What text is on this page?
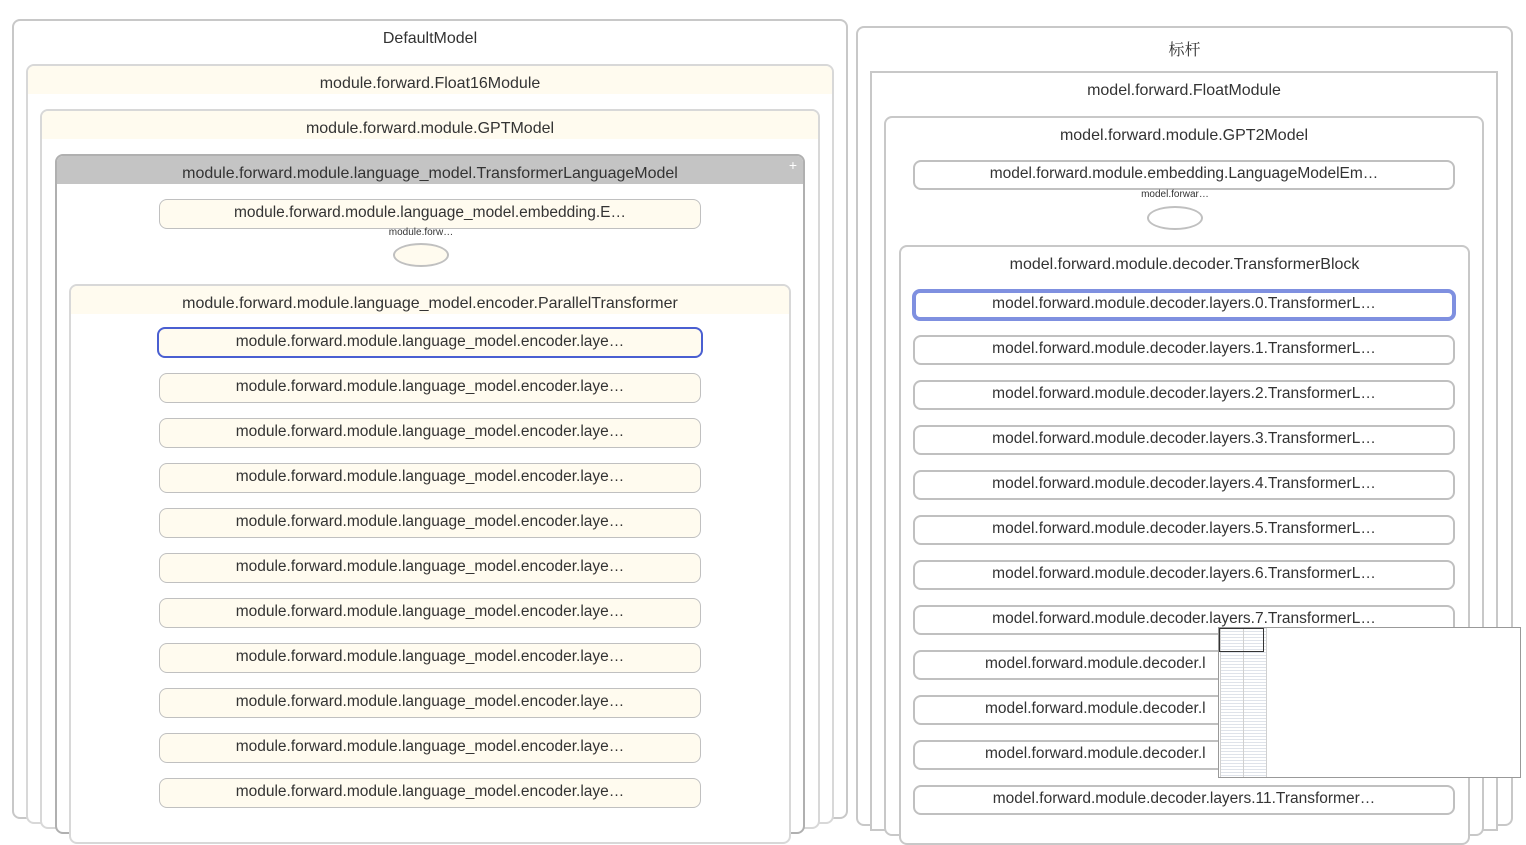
DefaultModel
module.forward.Float16Module
module.forward.module.GPTModel
module.forward.module.language_model.TransformerLanguageModel	+
module.forward.module.language_model.embedding.E…
module.forw…
module.forward.module.language_model.encoder.ParallelTransformer
module.forward.module.language_model.encoder.laye…
module.forward.module.language_model.encoder.laye…
module.forward.module.language_model.encoder.laye…
module.forward.module.language_model.encoder.laye…
module.forward.module.language_model.encoder.laye…
module.forward.module.language_model.encoder.laye…
module.forward.module.language_model.encoder.laye…
module.forward.module.language_model.encoder.laye…
module.forward.module.language_model.encoder.laye…
module.forward.module.language_model.encoder.laye…
module.forward.module.language_model.encoder.laye…
标杆
model.forward.FloatModule
model.forward.module.GPT2Model
model.forward.module.embedding.LanguageModelEm…
model.forwar…
model.forward.module.decoder.TransformerBlock
model.forward.module.decoder.layers.0.TransformerL…
model.forward.module.decoder.layers.1.TransformerL…
model.forward.module.decoder.layers.2.TransformerL…
model.forward.module.decoder.layers.3.TransformerL…
model.forward.module.decoder.layers.4.TransformerL…
model.forward.module.decoder.layers.5.TransformerL…
model.forward.module.decoder.layers.6.TransformerL…
model.forward.module.decoder.layers.7.TransformerL…
model.forward.module.decoder.l
model.forward.module.decoder.l
model.forward.module.decoder.l
model.forward.module.decoder.layers.11.Transformer…
